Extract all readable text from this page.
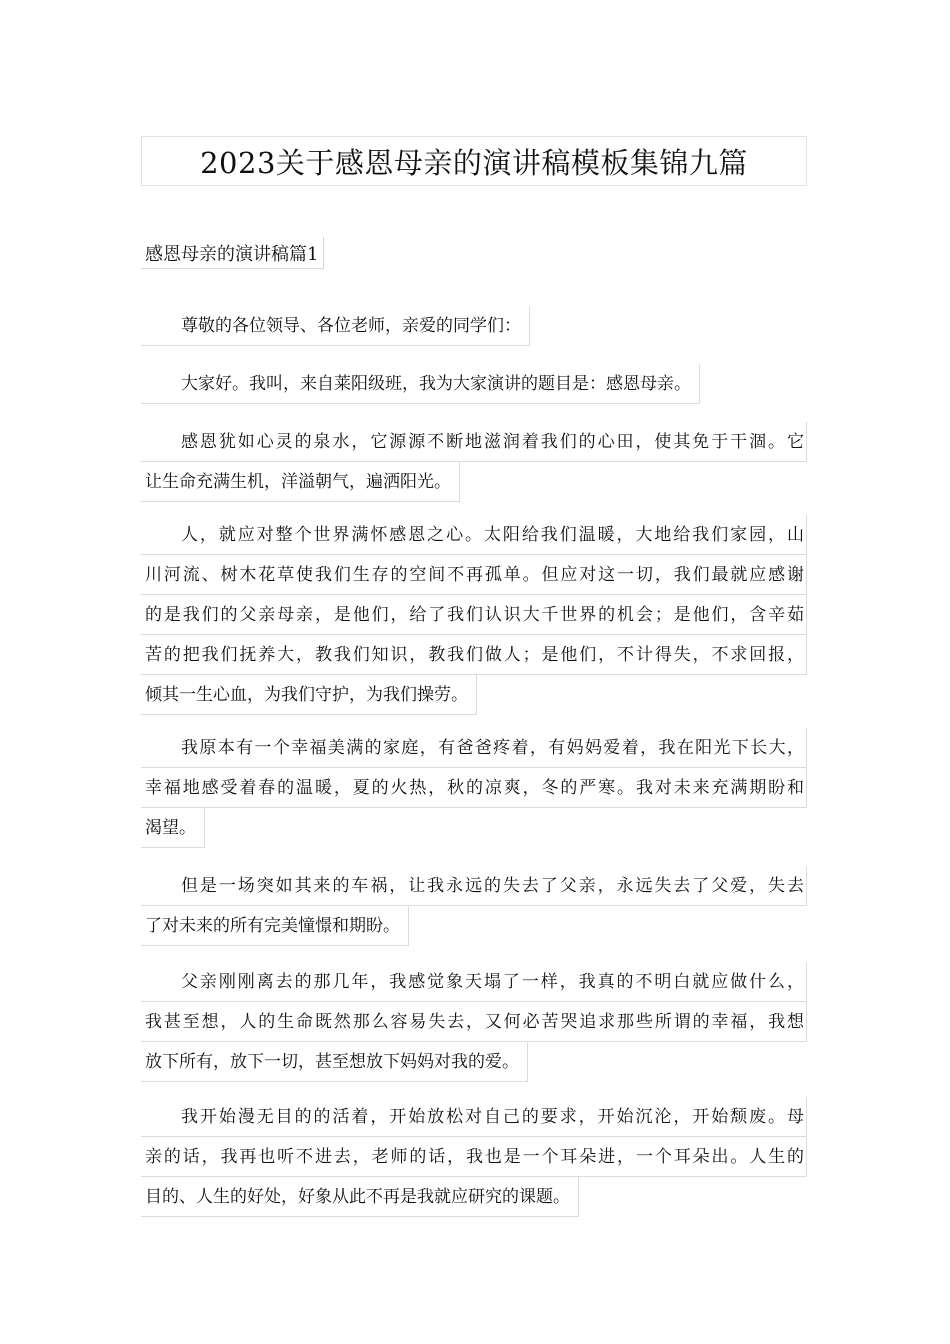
2023关于感恩母亲的演讲稿模板集锦九篇
感恩母亲的演讲稿篇1
尊敬的各位领导、各位老师，亲爱的同学们：
大家好。我叫，来自莱阳级班，我为大家演讲的题目是：感恩母亲。
感恩犹如心灵的泉水，它源源不断地滋润着我们的心田，使其免于干涸。它
让生命充满生机，洋溢朝气，遍洒阳光。
人，就应对整个世界满怀感恩之心。太阳给我们温暖，大地给我们家园，山
川河流、树木花草使我们生存的空间不再孤单。但应对这一切，我们最就应感谢
的是我们的父亲母亲，是他们，给了我们认识大千世界的机会；是他们，含辛茹
苦的把我们抚养大，教我们知识，教我们做人；是他们，不计得失，不求回报，
倾其一生心血，为我们守护，为我们操劳。
我原本有一个幸福美满的家庭，有爸爸疼着，有妈妈爱着，我在阳光下长大，
幸福地感受着春的温暖，夏的火热，秋的凉爽，冬的严寒。我对未来充满期盼和
渴望。
但是一场突如其来的车祸，让我永远的失去了父亲，永远失去了父爱，失去
了对未来的所有完美憧憬和期盼。
父亲刚刚离去的那几年，我感觉象天塌了一样，我真的不明白就应做什么，
我甚至想，人的生命既然那么容易失去，又何必苦哭追求那些所谓的幸福，我想
放下所有，放下一切，甚至想放下妈妈对我的爱。
我开始漫无目的的活着，开始放松对自己的要求，开始沉沦，开始颓废。母
亲的话，我再也听不进去，老师的话，我也是一个耳朵进，一个耳朵出。人生的
目的、人生的好处，好象从此不再是我就应研究的课题。
